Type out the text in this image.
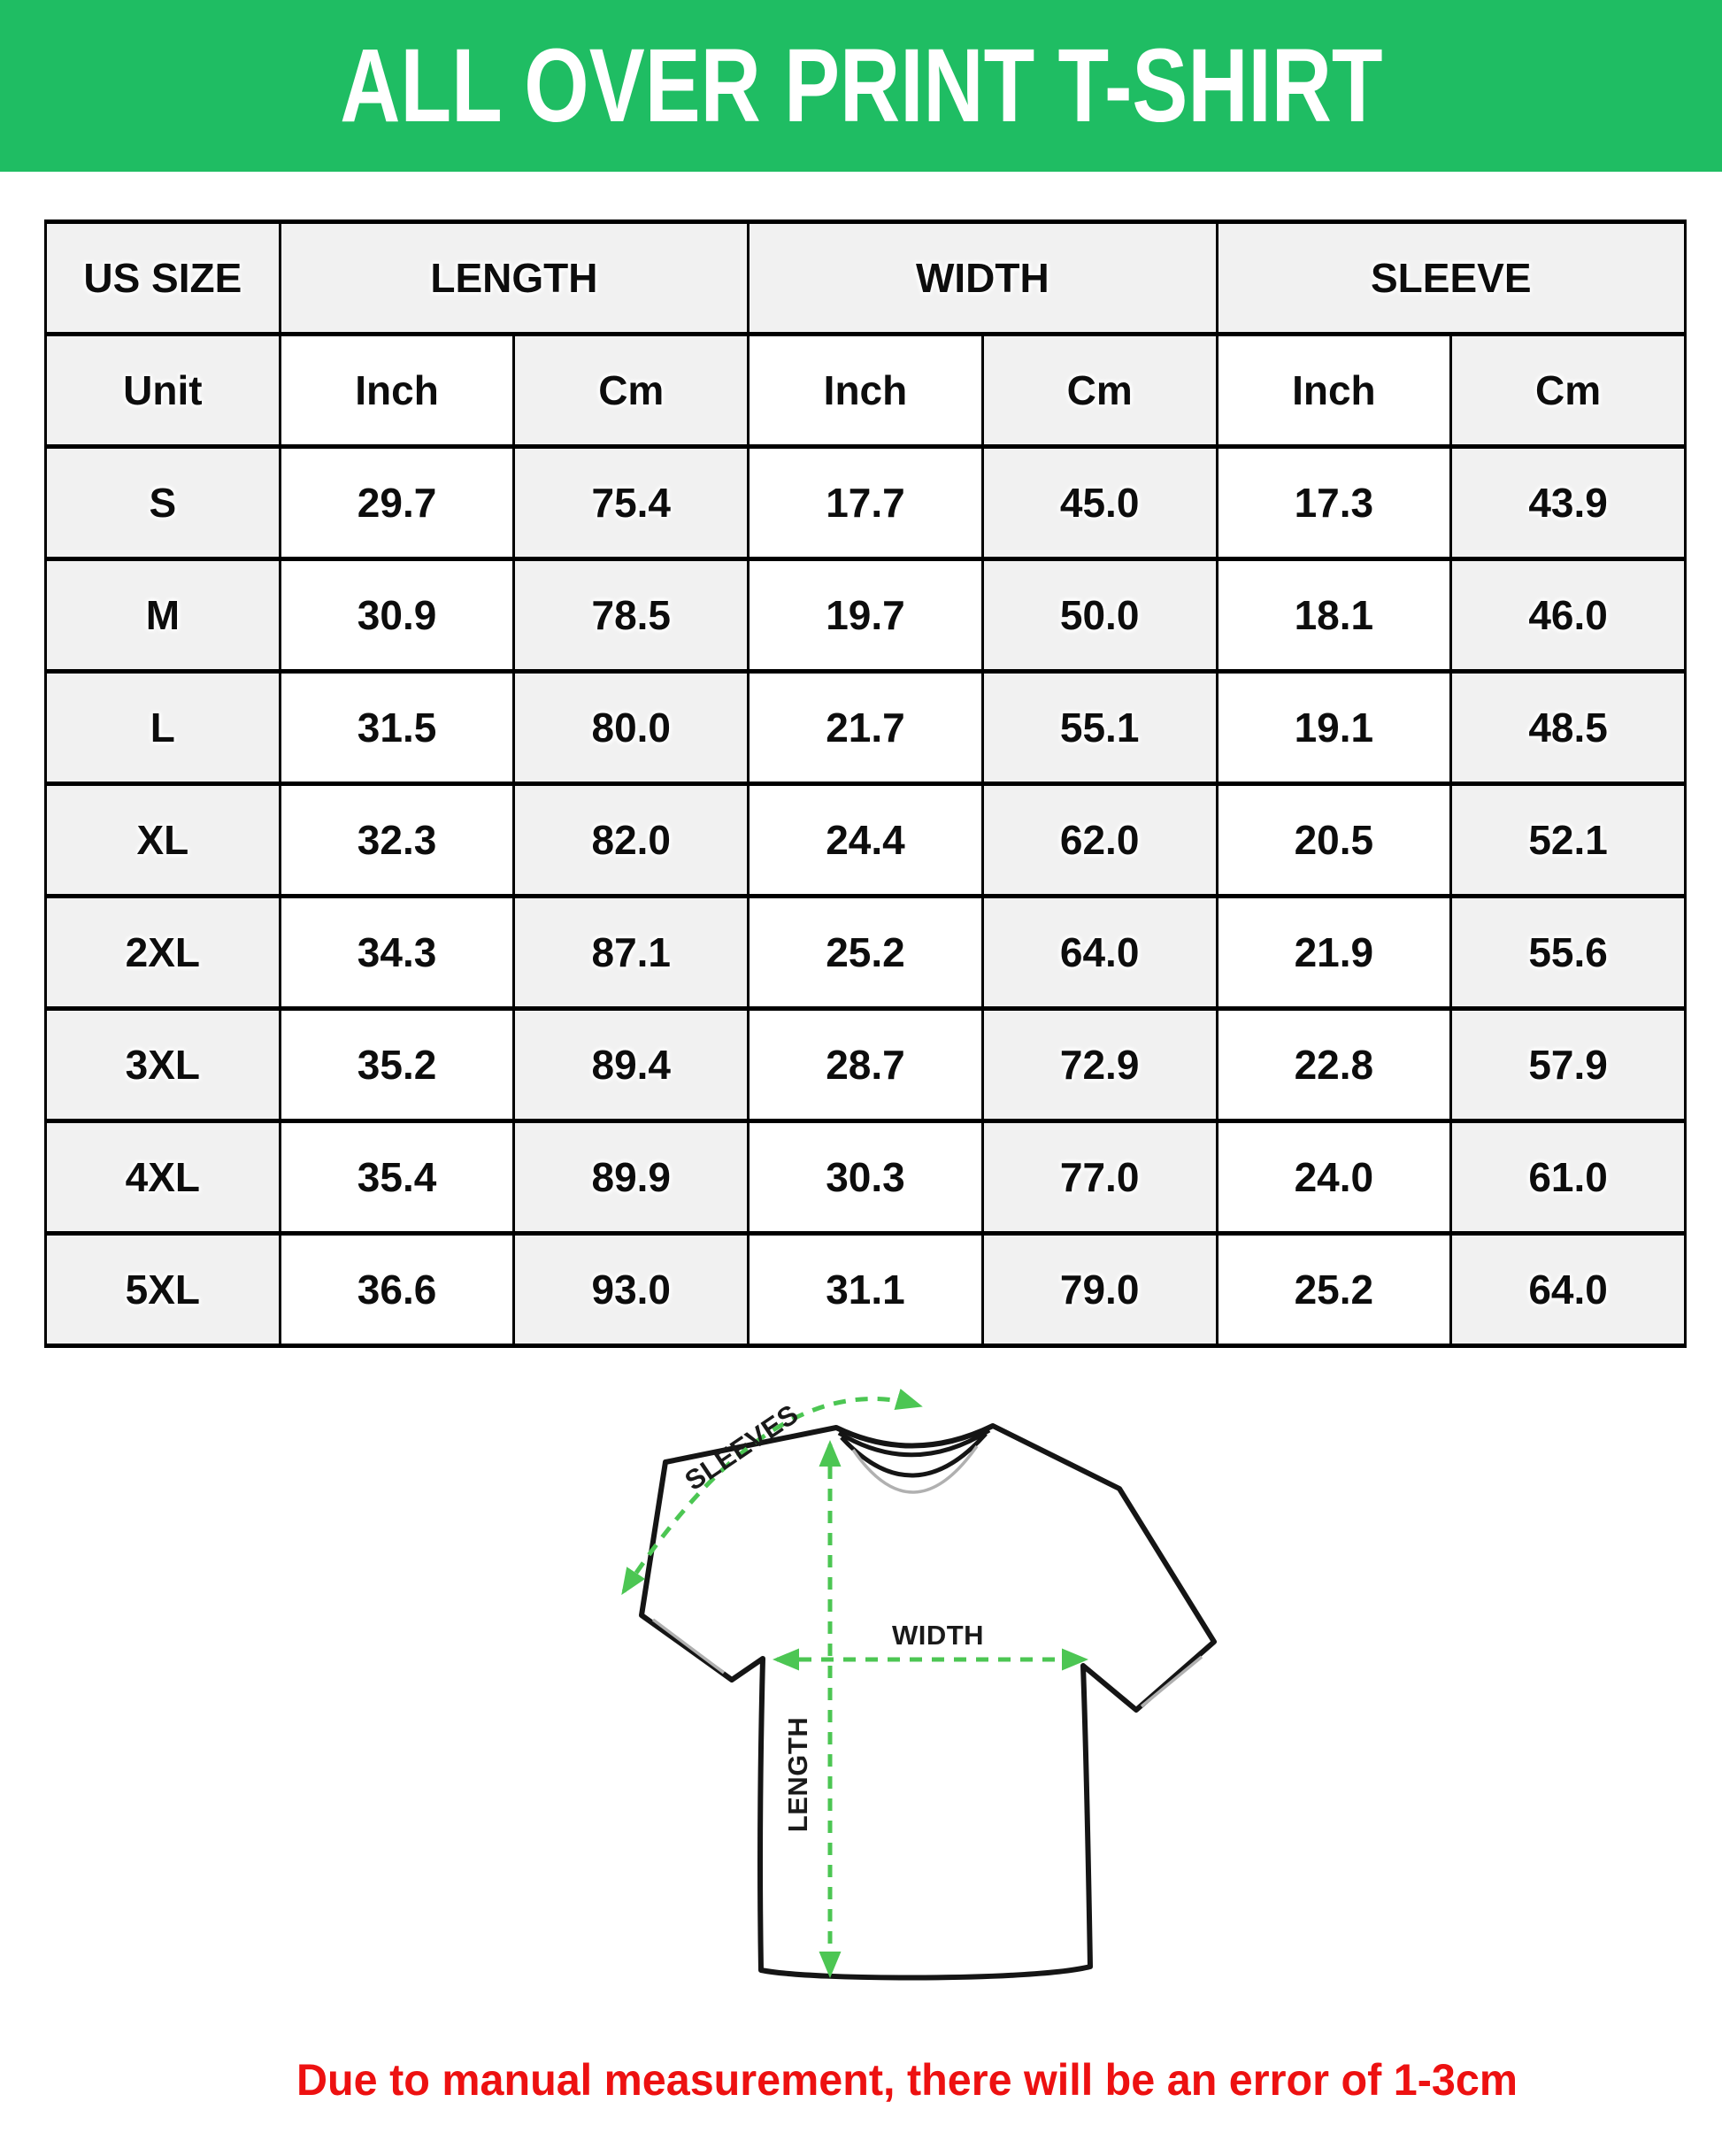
ALL OVER PRINT T-SHIRT
US SIZE	LENGTH		WIDTH		SLEEVE	
Unit	Inch	Cm	Inch	Cm	Inch	Cm
S	29.7	75.4	17.7	45.0	17.3	43.9
M	30.9	78.5	19.7	50.0	18.1	46.0
L	31.5	80.0	21.7	55.1	19.1	48.5
XL	32.3	82.0	24.4	62.0	20.5	52.1
2XL	34.3	87.1	25.2	64.0	21.9	55.6
3XL	35.2	89.4	28.7	72.9	22.8	57.9
4XL	35.4	89.9	30.3	77.0	24.0	61.0
5XL	36.6	93.0	31.1	79.0	25.2	64.0
SLEEVES
WIDTH
LENGTH
Due to manual measurement, there will be an error of 1-3cm
